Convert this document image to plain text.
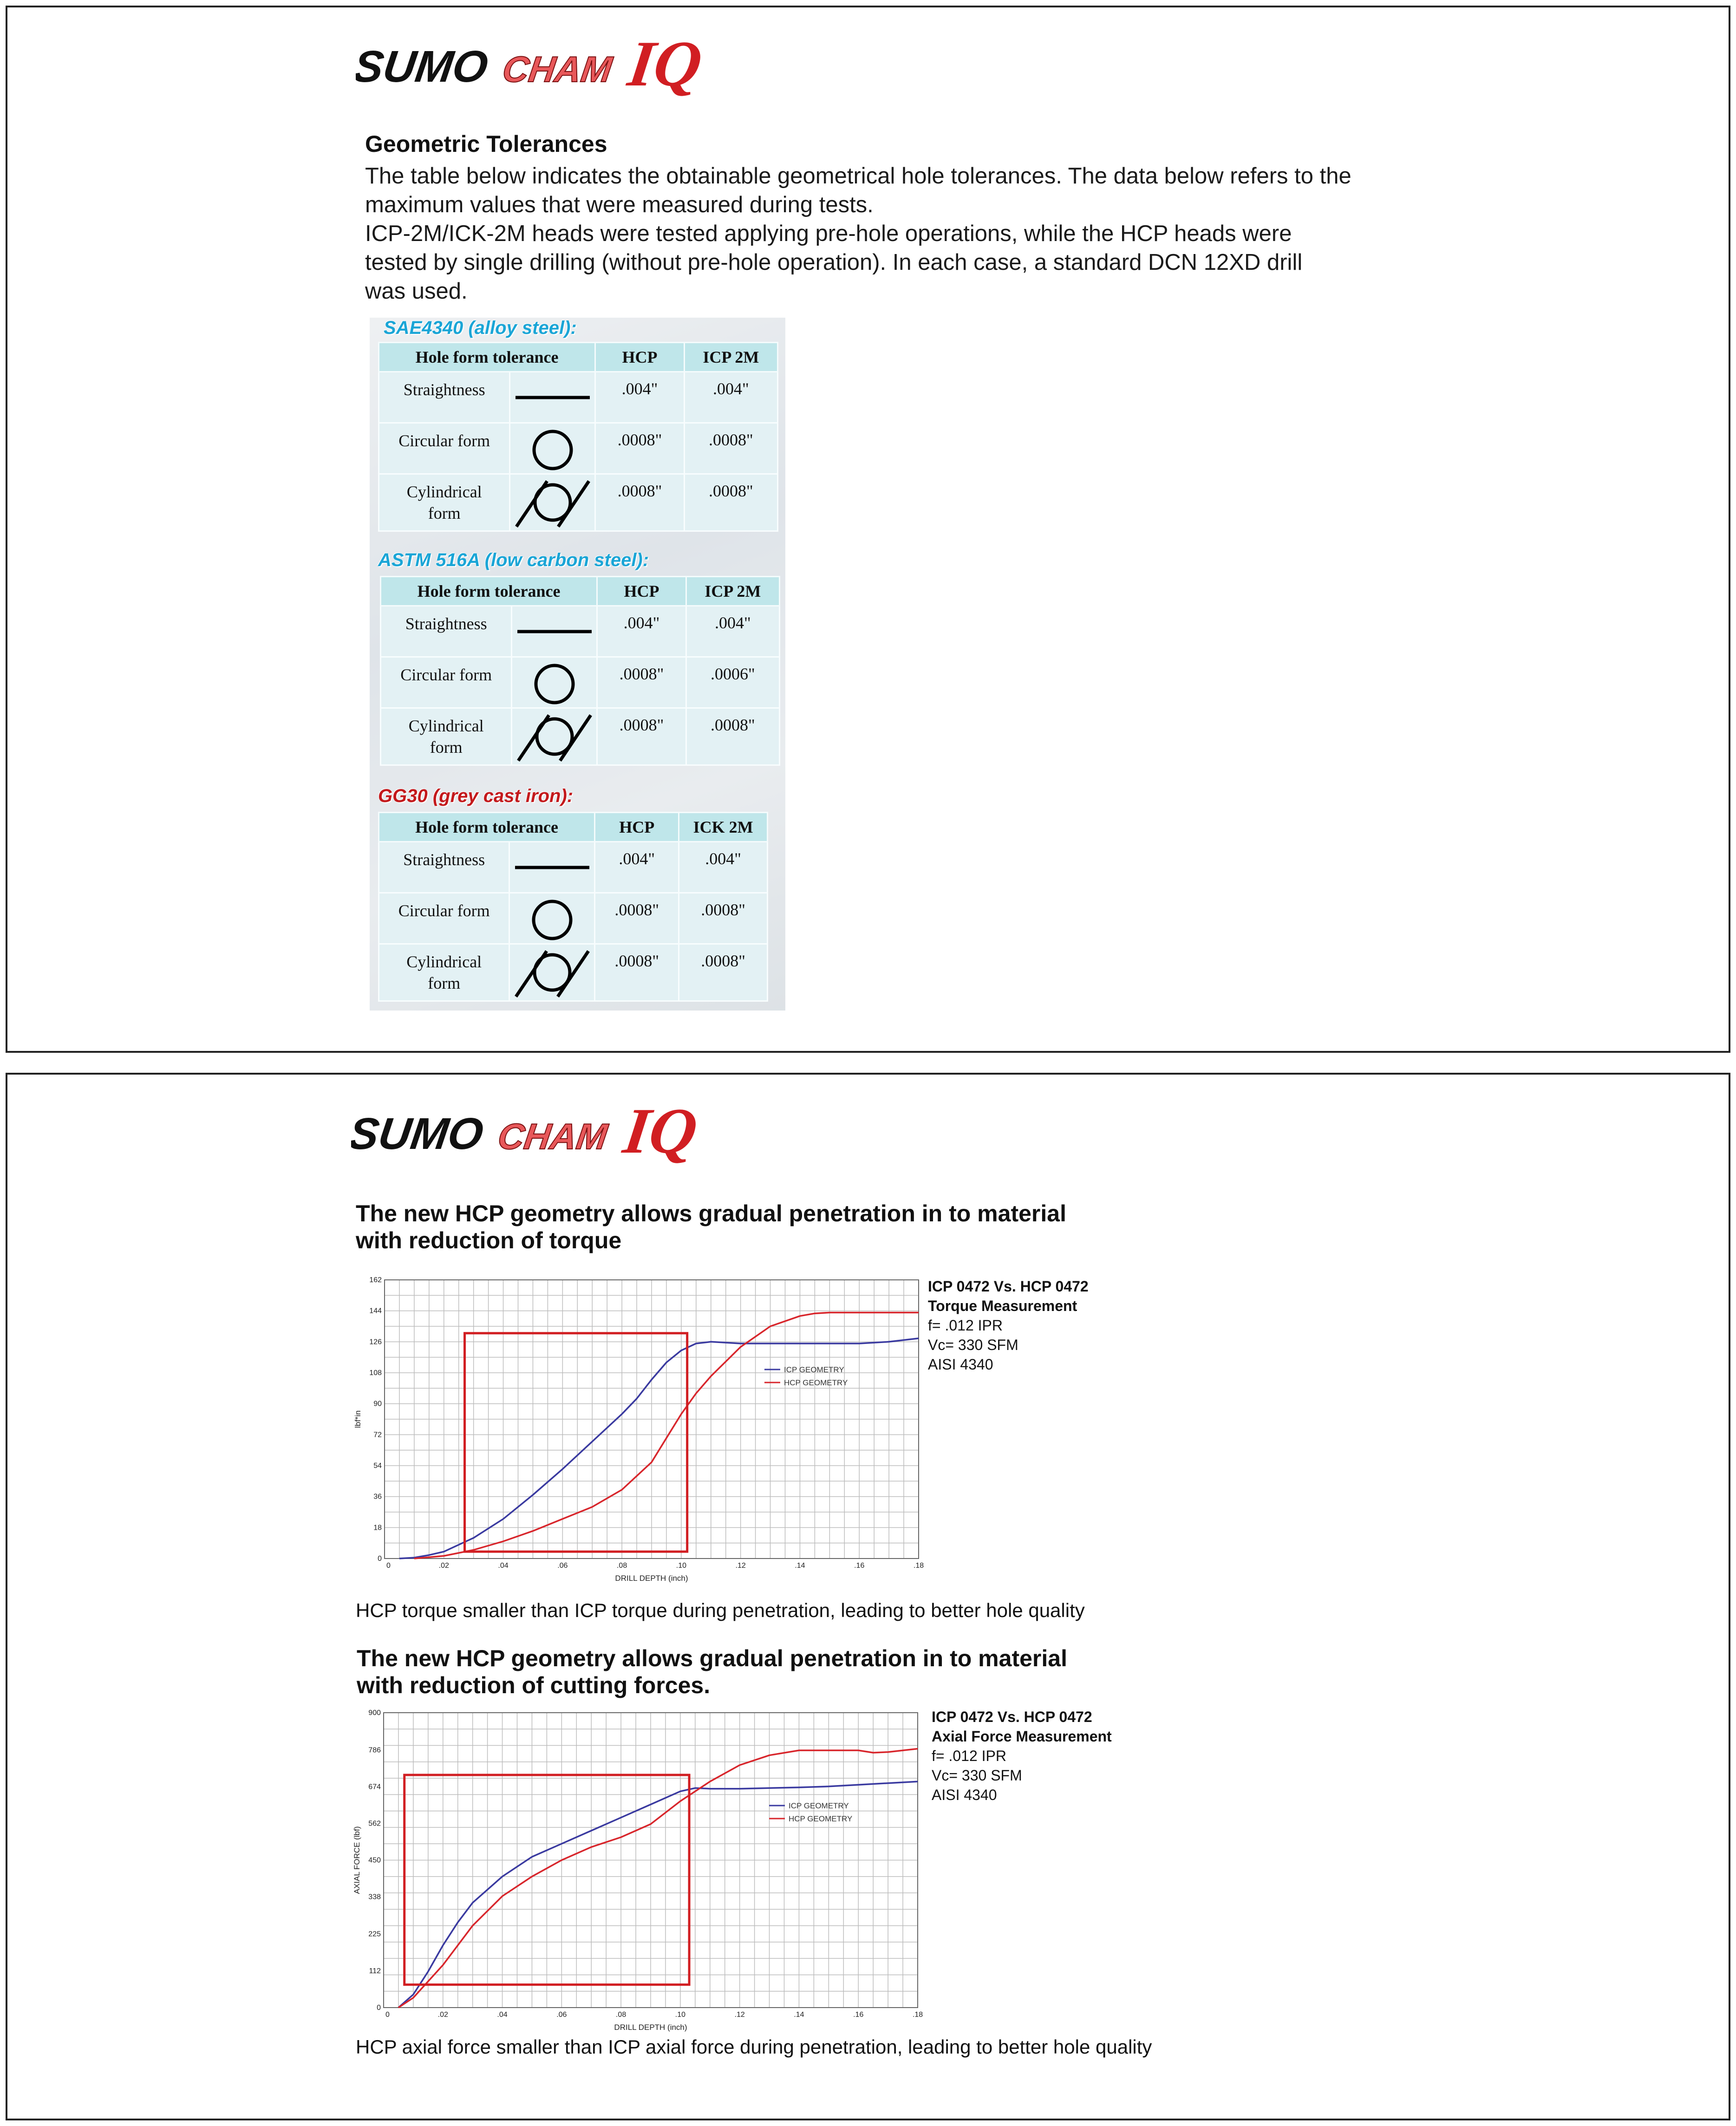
SUMO CHAM IQ
Geometric Tolerances

The table below indicates the obtainable geometrical hole tolerances. The data below refers to the

maximum values that were measured during tests.

ICP-2M/ICK-2M heads were tested applying pre-hole operations, while the HCP heads were

tested by single drilling (without pre-hole operation). In each case, a standard DCN 12XD drill

was used.

SAE4340 (alloy steel):

Hole form tolerance		HCP	ICP 2M
Straightness		.004"	.004"
Circular form		.0008"	.0008"
Cylindrical
form		.0008"	.0008"

ASTM 516A (low carbon steel):

Hole form tolerance		HCP	ICP 2M
Straightness		.004"	.004"
Circular form		.0008"	.0006"
Cylindrical
form		.0008"	.0008"

GG30 (grey cast iron):

Hole form tolerance		HCP	ICK 2M
Straightness		.004"	.004"
Circular form		.0008"	.0008"
Cylindrical
form		.0008"	.0008"
SUMO CHAM IQ
The new HCP geometry allows gradual penetration in to material
with reduction of torque
0	.02	.04	.06	.08	.10	.12	.14	.16	.18
0
18
36
54
72
90
108
126
144
162
DRILL DEPTH (inch)
lbf*in
ICP GEOMETRY
HCP GEOMETRY

ICP 0472 Vs. HCP 0472

Torque Measurement

f= .012 IPR

Vc= 330 SFM

AISI 4340

HCP torque smaller than ICP torque during penetration, leading to better hole quality

The new HCP geometry allows gradual penetration in to material
with reduction of cutting forces.
0	.02	.04	.06	.08	.10	.12	.14	.16	.18
0
112
225
338
450
562
674
786
900
DRILL DEPTH (inch)
AXIAL FORCE (lbf)
ICP GEOMETRY
HCP GEOMETRY

ICP 0472 Vs. HCP 0472

Axial Force Measurement

f= .012 IPR

Vc= 330 SFM

AISI 4340

HCP axial force smaller than ICP axial force during penetration, leading to better hole quality
